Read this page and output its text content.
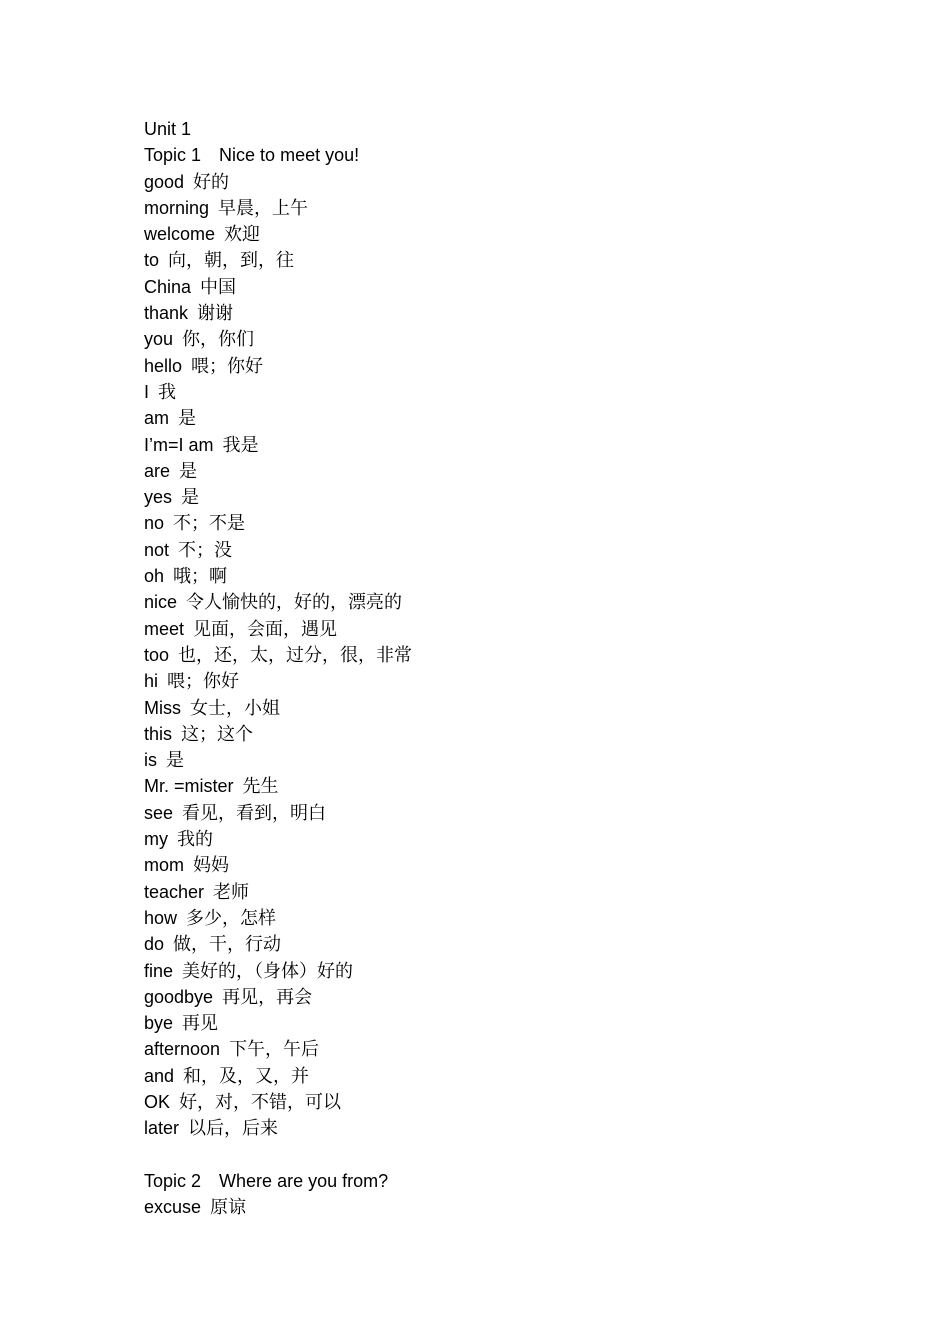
Unit 1
Topic 1 Nice to meet you!
good 好的
morning 早晨，上午
welcome 欢迎
to 向，朝，到，往
China 中国
thank 谢谢
you 你，你们
hello 喂；你好
I 我
am 是
I’m=I am 我是
are 是
yes 是
no 不；不是
not 不；没
oh 哦；啊
nice 令人愉快的，好的，漂亮的
meet 见面，会面，遇见
too 也，还，太，过分，很，非常
hi 喂；你好
Miss 女士，小姐
this 这；这个
is 是
Mr. =mister 先生
see 看见，看到，明白
my 我的
mom 妈妈
teacher 老师
how 多少，怎样
do 做，干，行动
fine 美好的，（身体）好的
goodbye 再见，再会
bye 再见
afternoon 下午，午后
and 和，及，又，并
OK 好，对，不错，可以
later 以后，后来
Topic 2 Where are you from?
excuse 原谅
